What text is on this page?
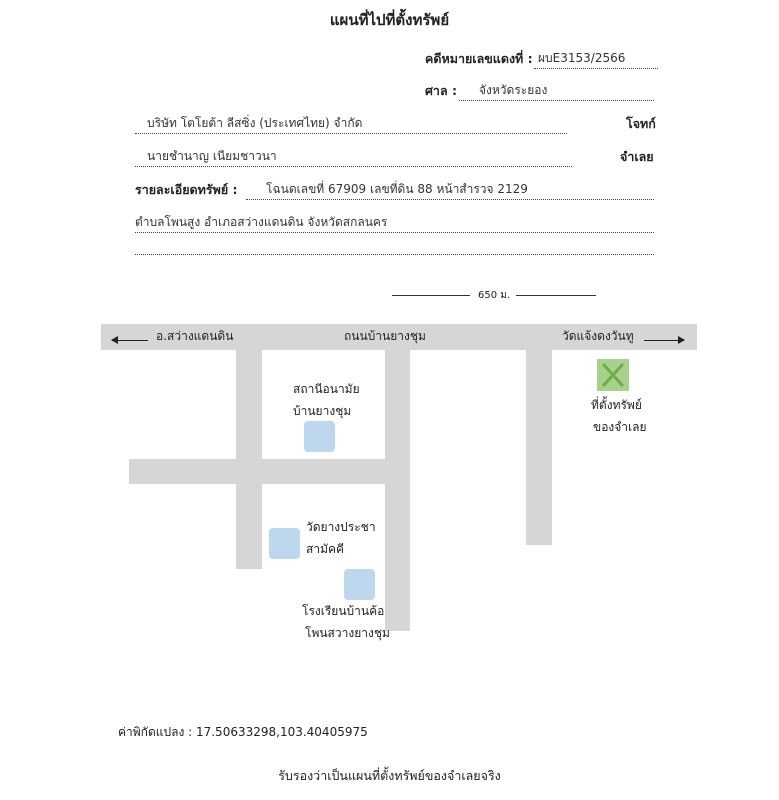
แผนที่ไปที่ตั้งทรัพย์
คดีหมายเลขแดงที่ : ผบE3153/2566
ศาล :	จังหวัดระยอง
บริษัท โตโยต้า ลีสซิ่ง (ประเทศไทย) จำกัด	โจทก์
นายชำนาญ เนียมชาวนา	จำเลย
รายละเอียดทรัพย์ :	โฉนดเลขที่ 67909 เลขที่ดิน 88 หน้าสำรวจ 2129
ตำบลโพนสูง อำเภอสว่างแดนดิน จังหวัดสกลนคร
650 ม.
อ.สว่างแดนดิน	ถนนบ้านยางชุม	วัดแจ้งดงวันทู
สถานีอนามัย
บ้านยางชุม
วัดยางประชา
สามัคคี
โรงเรียนบ้านค้อ
โพนสวางยางชุม
ที่ตั้งทรัพย์
ของจำเลย
ค่าพิกัดแปลง : 17.50633298,103.40405975
รับรองว่าเป็นแผนที่ตั้งทรัพย์ของจำเลยจริง
